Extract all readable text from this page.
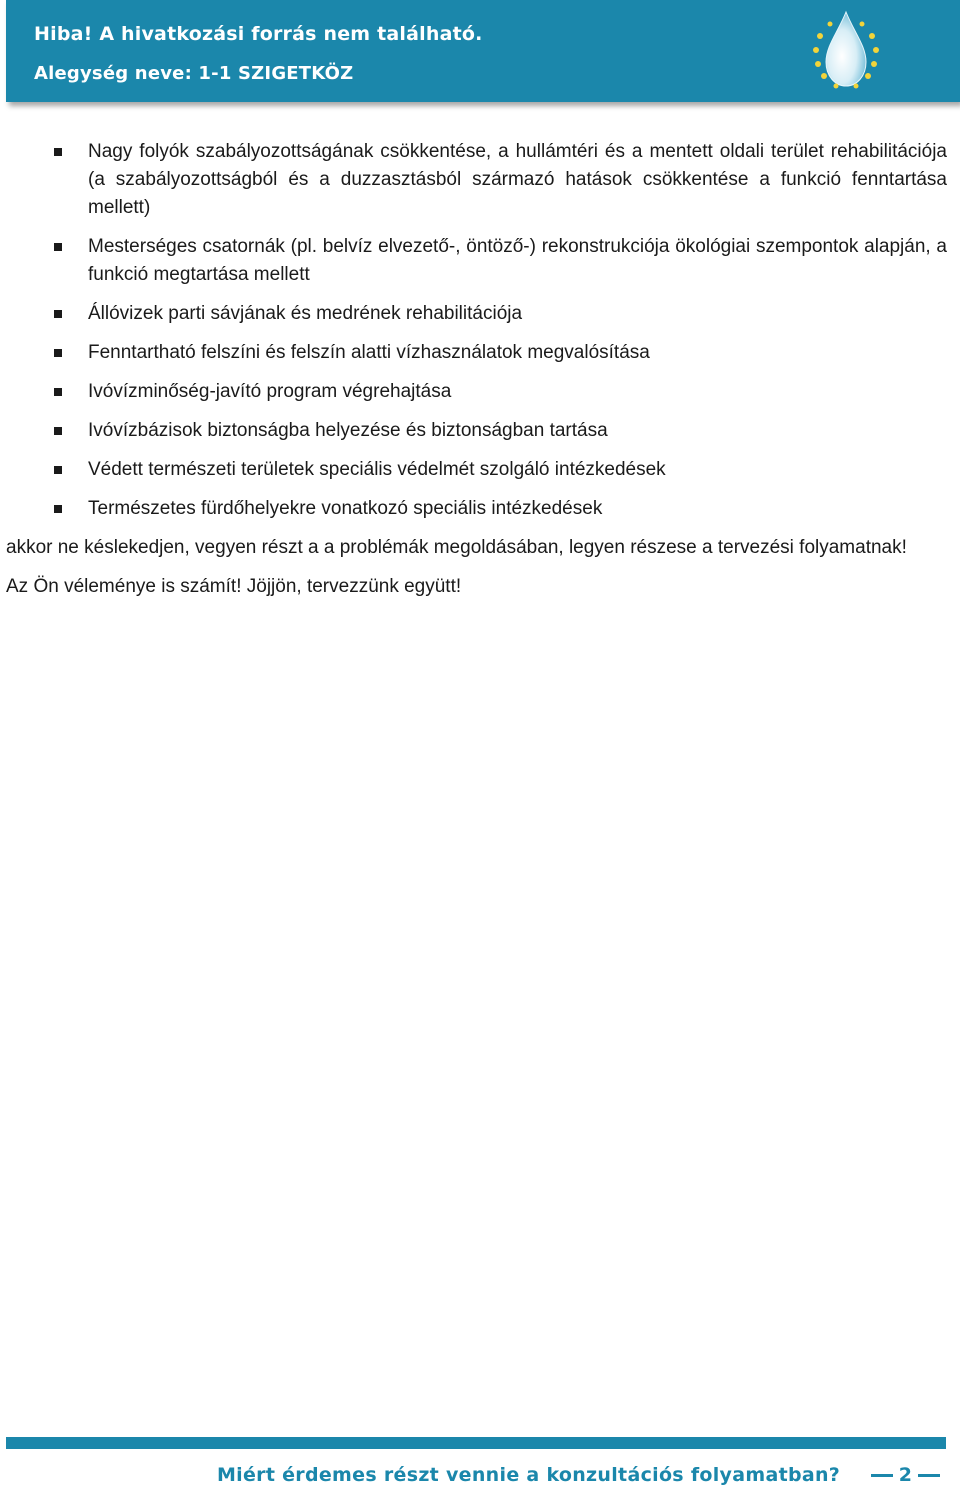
Hiba! A hivatkozási forrás nem található.
Alegység neve: 1-1 SZIGETKÖZ
Nagy folyók szabályozottságának csökkentése, a hullámtéri és a mentett oldali terület rehabilitációja (a szabályozottságból és a duzzasztásból származó hatások csökkentése a funkció fenntartása mellett)
Mesterséges csatornák (pl. belvíz elvezető-, öntöző-) rekonstrukciója ökológiai szempontok alapján, a funkció megtartása mellett
Állóvizek parti sávjának és medrének rehabilitációja
Fenntartható felszíni és felszín alatti vízhasználatok megvalósítása
Ivóvízminőség-javító program végrehajtása
Ivóvízbázisok biztonságba helyezése és biztonságban tartása
Védett természeti területek speciális védelmét szolgáló intézkedések
Természetes fürdőhelyekre vonatkozó speciális intézkedések

akkor ne késlekedjen, vegyen részt a a problémák megoldásában, legyen részese a tervezési folyamatnak!

Az Ön véleménye is számít! Jöjjön, tervezzünk együtt!

Miért érdemes részt vennie a konzultációs folyamatban?	2
